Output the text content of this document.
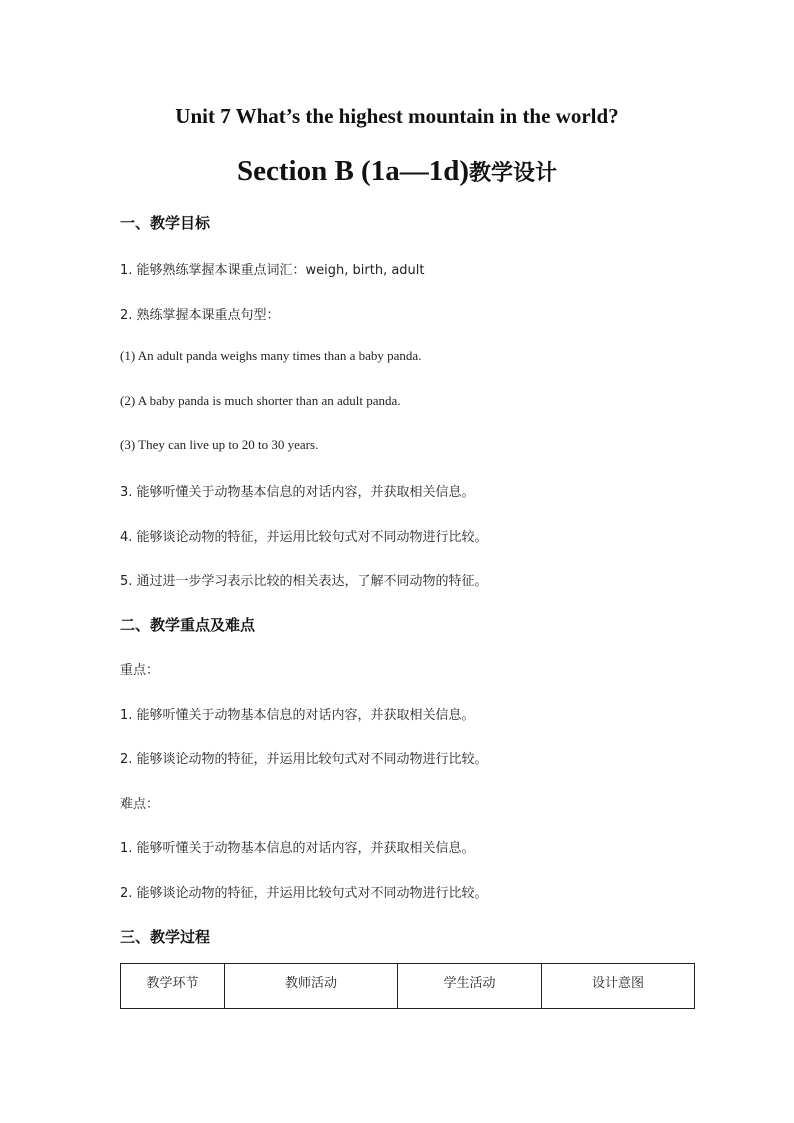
Unit 7 What’s the highest mountain in the world?
Section B (1a—1d)教学设计
一、教学目标
1. 能够熟练掌握本课重点词汇：weigh, birth, adult
2. 熟练掌握本课重点句型：
(1) An adult panda weighs many times than a baby panda.
(2) A baby panda is much shorter than an adult panda.
(3) They can live up to 20 to 30 years.
3. 能够听懂关于动物基本信息的对话内容，并获取相关信息。
4. 能够谈论动物的特征，并运用比较句式对不同动物进行比较。
5. 通过进一步学习表示比较的相关表达，了解不同动物的特征。
二、教学重点及难点
重点：
1. 能够听懂关于动物基本信息的对话内容，并获取相关信息。
2. 能够谈论动物的特征，并运用比较句式对不同动物进行比较。
难点：
1. 能够听懂关于动物基本信息的对话内容，并获取相关信息。
2. 能够谈论动物的特征，并运用比较句式对不同动物进行比较。
三、教学过程
教学环节	教师活动	学生活动	设计意图
